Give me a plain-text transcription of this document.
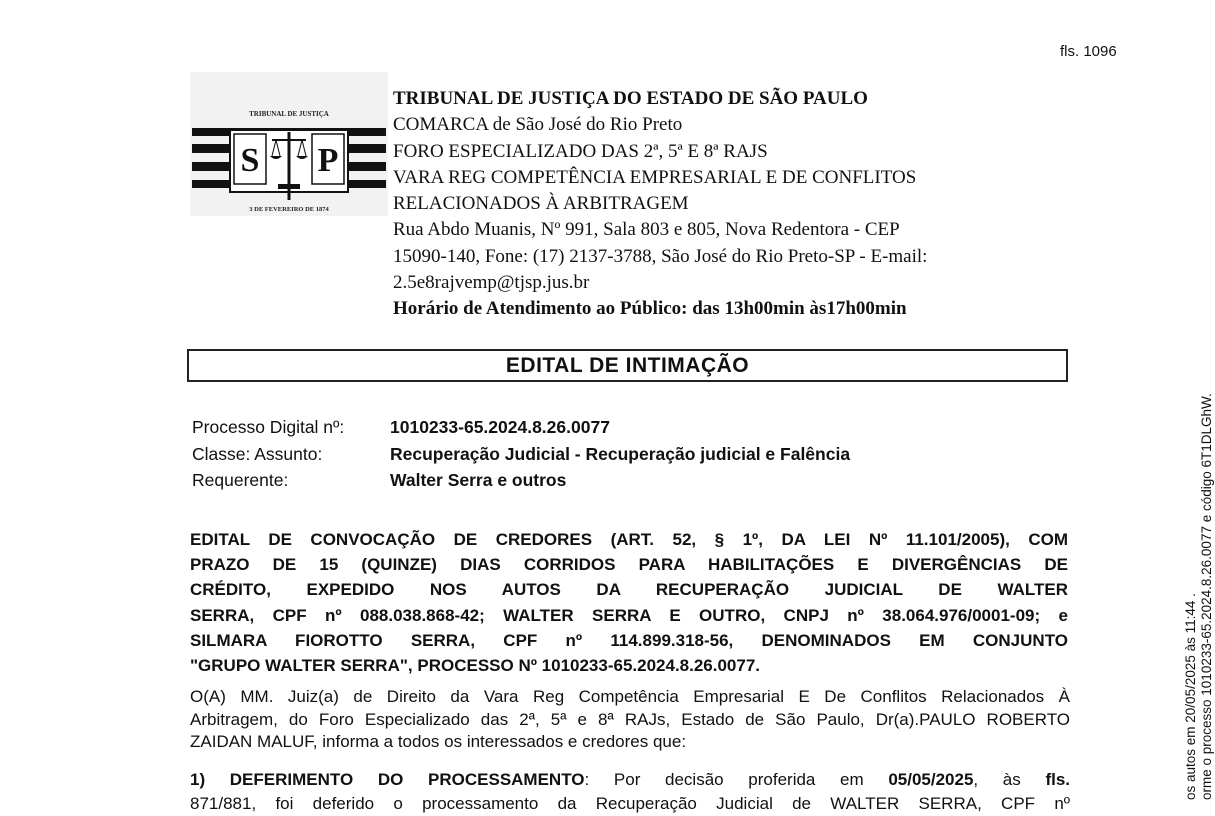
fls. 1096
TRIBUNAL DE JUSTIÇA
S P
3 DE FEVEREIRO DE 1874
TRIBUNAL DE JUSTIÇA DO ESTADO DE SÃO PAULO
COMARCA de São José do Rio Preto
FORO ESPECIALIZADO DAS 2ª, 5ª E 8ª RAJS
VARA REG COMPETÊNCIA EMPRESARIAL E DE CONFLITOS
RELACIONADOS À ARBITRAGEM
Rua Abdo Muanis, Nº 991, Sala 803 e 805, Nova Redentora - CEP
15090-140, Fone: (17) 2137-3788, São José do Rio Preto-SP - E-mail:
2.5e8rajvemp@tjsp.jus.br
Horário de Atendimento ao Público: das 13h00min às17h00min
EDITAL DE INTIMAÇÃO
Processo Digital nº:	1010233-65.2024.8.26.0077
Classe: Assunto:	Recuperação Judicial - Recuperação judicial e Falência
Requerente:	Walter Serra e outros
EDITAL DE CONVOCAÇÃO DE CREDORES (ART. 52, § 1º, DA LEI Nº 11.101/2005), COM
PRAZO DE 15 (QUINZE) DIAS CORRIDOS PARA HABILITAÇÕES E DIVERGÊNCIAS DE
CRÉDITO, EXPEDIDO NOS AUTOS DA RECUPERAÇÃO JUDICIAL DE WALTER
SERRA, CPF nº 088.038.868-42; WALTER SERRA E OUTRO, CNPJ nº 38.064.976/0001-09; e
SILMARA FIOROTTO SERRA, CPF nº 114.899.318-56, DENOMINADOS EM CONJUNTO
"GRUPO WALTER SERRA", PROCESSO Nº 1010233-65.2024.8.26.0077.
O(A) MM. Juiz(a) de Direito da Vara Reg Competência Empresarial E De Conflitos Relacionados À
Arbitragem, do Foro Especializado das 2ª, 5ª e 8ª RAJs, Estado de São Paulo, Dr(a).PAULO ROBERTO
ZAIDAN MALUF, informa a todos os interessados e credores que:
1) DEFERIMENTO DO PROCESSAMENTO: Por decisão proferida em 05/05/2025, às fls.
871/881, foi deferido o processamento da Recuperação Judicial de WALTER SERRA, CPF nº
os autos em 20/05/2025 às 11:44 . orme o processo 1010233-65.2024.8.26.0077 e código 6T1DLGhW.
